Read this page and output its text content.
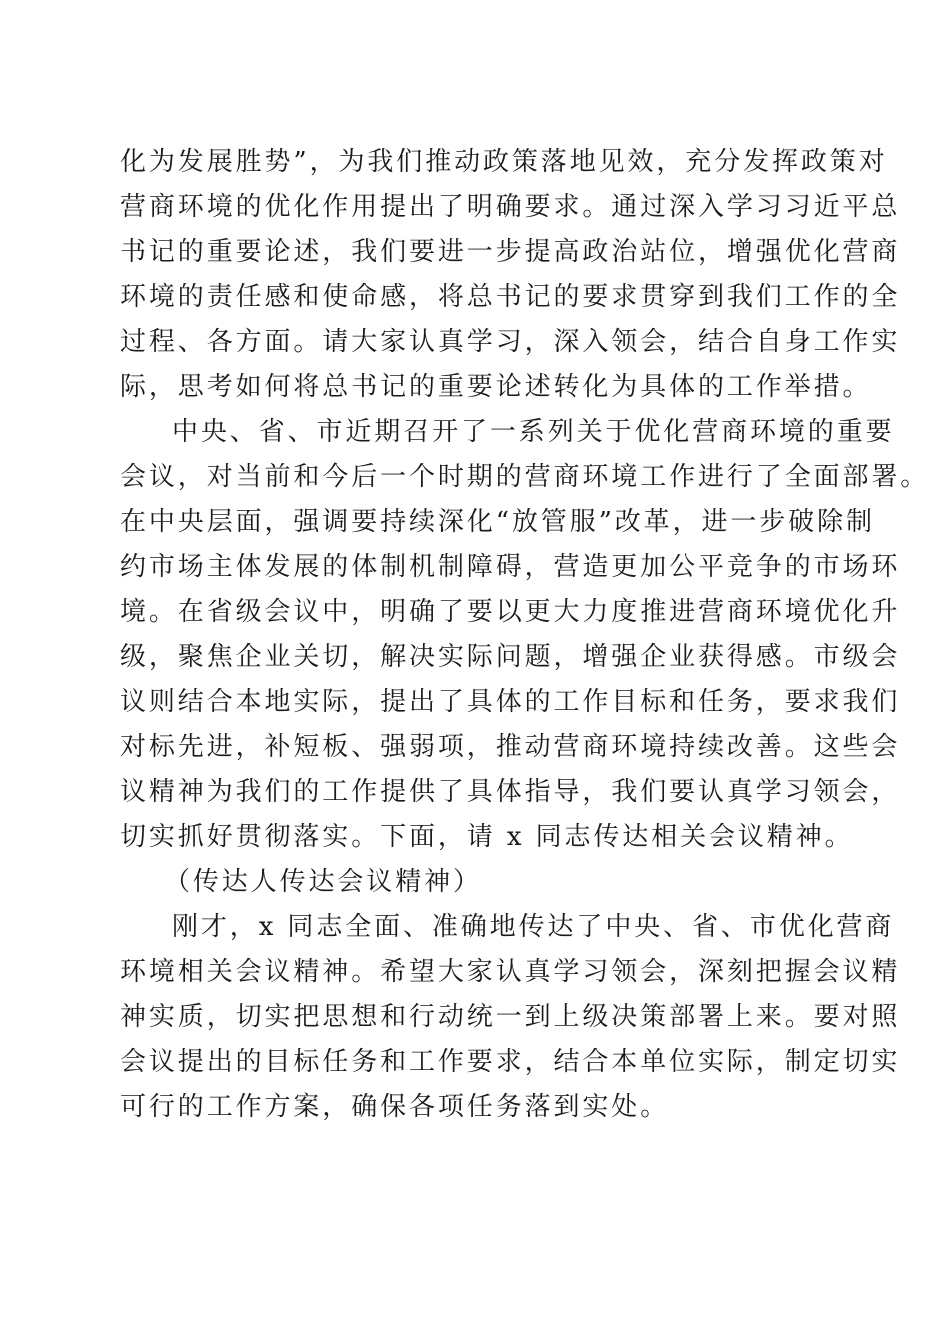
化为发展胜势”，为我们推动政策落地见效，充分发挥政策对
营商环境的优化作用提出了明确要求。通过深入学习习近平总
书记的重要论述，我们要进一步提高政治站位，增强优化营商
环境的责任感和使命感，将总书记的要求贯穿到我们工作的全
过程、各方面。请大家认真学习，深入领会，结合自身工作实
际，思考如何将总书记的重要论述转化为具体的工作举措。
中央、省、市近期召开了一系列关于优化营商环境的重要
会议，对当前和今后一个时期的营商环境工作进行了全面部署。
在中央层面，强调要持续深化“放管服”改革，进一步破除制
约市场主体发展的体制机制障碍，营造更加公平竞争的市场环
境。在省级会议中，明确了要以更大力度推进营商环境优化升
级，聚焦企业关切，解决实际问题，增强企业获得感。市级会
议则结合本地实际，提出了具体的工作目标和任务，要求我们
对标先进，补短板、强弱项，推动营商环境持续改善。这些会
议精神为我们的工作提供了具体指导，我们要认真学习领会，
切实抓好贯彻落实。下面，请 x 同志传达相关会议精神。
（传达人传达会议精神）
刚才，x 同志全面、准确地传达了中央、省、市优化营商
环境相关会议精神。希望大家认真学习领会，深刻把握会议精
神实质，切实把思想和行动统一到上级决策部署上来。要对照
会议提出的目标任务和工作要求，结合本单位实际，制定切实
可行的工作方案，确保各项任务落到实处。
